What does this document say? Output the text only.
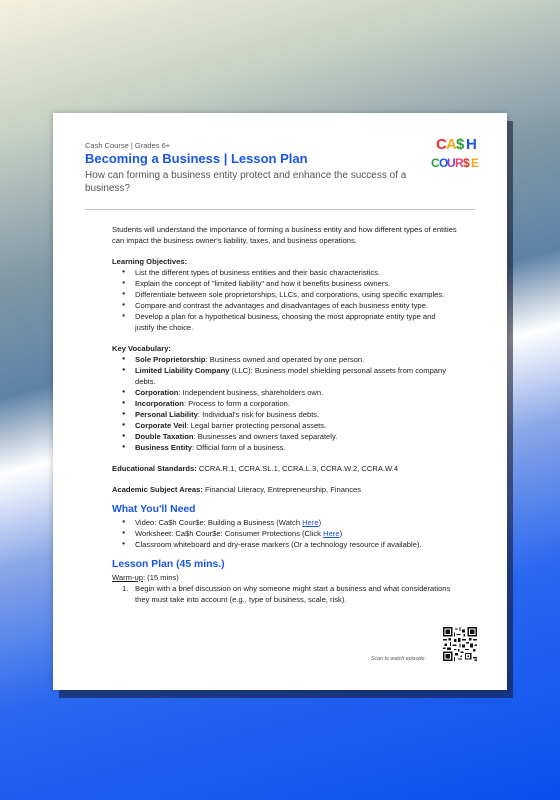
Cash Course | Grades 6+
Becoming a Business | Lesson Plan
How can forming a business entity protect and enhance the success of a business?
C A $ H
C O
U R $ E

Students will understand the importance of forming a business entity and how different types of entities can impact the business owner's liability, taxes, and business operations.

Learning Objectives:

● List the different types of business entities and their basic characteristics.
● Explain the concept of "limited liability" and how it benefits business owners.
● Differentiate between sole proprietorships, LLCs, and corporations, using specific examples.
● Compare and contrast the advantages and disadvantages of each business entity type.
● Develop a plan for a hypothetical business, choosing the most appropriate entity type and justify the choice.

Key Vocabulary:

● Sole Proprietorship: Business owned and operated by one person.
● Limited Liability Company (LLC): Business model shielding personal assets from company debts.
● Corporation: Independent business, shareholders own.
● Incorporation: Process to form a corporation.
● Personal Liability: Individual's risk for business debts.
● Corporate Veil: Legal barrier protecting personal assets.
● Double Taxation: Businesses and owners taxed separately.
● Business Entity: Official form of a business.

Educational Standards: CCRA.R.1, CCRA.SL.1, CCRA.L.3, CCRA.W.2, CCRA.W.4

Academic Subject Areas: Financial Literacy, Entrepreneurship, Finances

What You'll Need
● Video: Ca$h Cour$e: Building a Business (Watch Here)
● Worksheet: Ca$h Cour$e: Consumer Protections (Click Here)
● Classroom whiteboard and dry-erase markers (Or a technology resource if available).
Lesson Plan (45 mins.)

Warm-up: (15 mins)

1. Begin with a brief discussion on why someone might start a business and what considerations they must take into account (e.g., type of business, scale, risk).
Scan to watch episode:
